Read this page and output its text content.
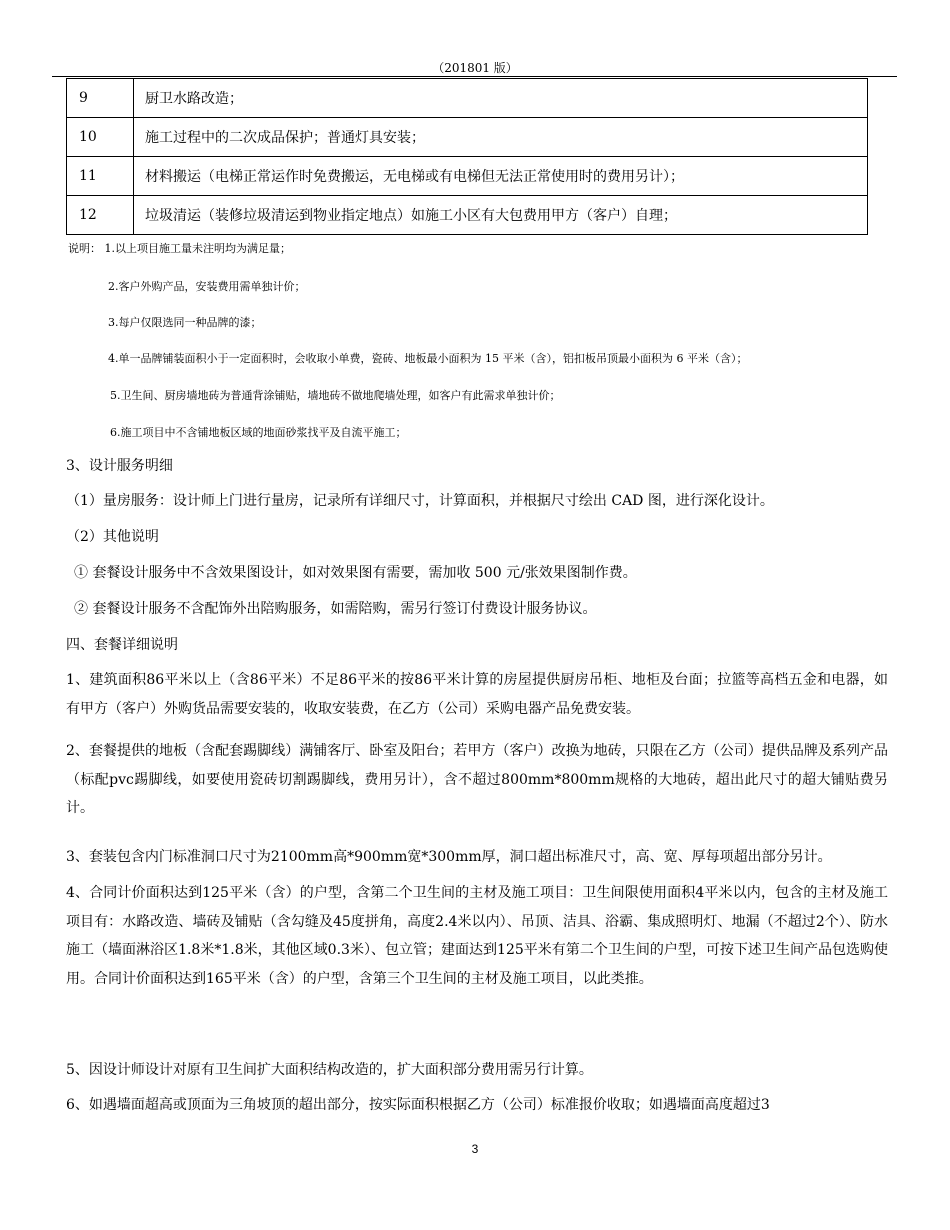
（201801 版）
9	厨卫水路改造；
10	施工过程中的二次成品保护；普通灯具安装；
11	材料搬运（电梯正常运作时免费搬运，无电梯或有电梯但无法正常使用时的费用另计）；
12	垃圾清运（装修垃圾清运到物业指定地点）如施工小区有大包费用甲方（客户）自理；
说明： 1.以上项目施工量未注明均为满足量；
2.客户外购产品，安装费用需单独计价；
3.每户仅限选同一种品牌的漆；
4.单一品牌铺装面积小于一定面积时，会收取小单费，瓷砖、地板最小面积为 15 平米（含），铝扣板吊顶最小面积为 6 平米（含）；
5.卫生间、厨房墙地砖为普通背涂铺贴，墙地砖不做地爬墙处理，如客户有此需求单独计价；
6.施工项目中不含铺地板区域的地面砂浆找平及自流平施工；
3、设计服务明细
（1）量房服务：设计师上门进行量房，记录所有详细尺寸，计算面积，并根据尺寸绘出 CAD 图，进行深化设计。
（2）其他说明
① 套餐设计服务中不含效果图设计，如对效果图有需要，需加收 500 元/张效果图制作费。
② 套餐设计服务不含配饰外出陪购服务，如需陪购，需另行签订付费设计服务协议。
四、套餐详细说明
1、建筑面积86平米以上（含86平米）不足86平米的按86平米计算的房屋提供厨房吊柜、地柜及台面；拉篮等高档五金和电器，如有甲方（客户）外购货品需要安装的，收取安装费，在乙方（公司）采购电器产品免费安装。
2、套餐提供的地板（含配套踢脚线）满铺客厅、卧室及阳台；若甲方（客户）改换为地砖，只限在乙方（公司）提供品牌及系列产品（标配pvc踢脚线，如要使用瓷砖切割踢脚线，费用另计），含不超过800mm*800mm规格的大地砖，超出此尺寸的超大铺贴费另计。
3、套装包含内门标准洞口尺寸为2100mm高*900mm宽*300mm厚，洞口超出标准尺寸，高、宽、厚每项超出部分另计。
4、合同计价面积达到125平米（含）的户型，含第二个卫生间的主材及施工项目：卫生间限使用面积4平米以内，包含的主材及施工项目有：水路改造、墙砖及铺贴（含勾缝及45度拼角，高度2.4米以内）、吊顶、洁具、浴霸、集成照明灯、地漏（不超过2个）、防水施工（墙面淋浴区1.8米*1.8米，其他区域0.3米）、包立管；建面达到125平米有第二个卫生间的户型，可按下述卫生间产品包选购使用。合同计价面积达到165平米（含）的户型，含第三个卫生间的主材及施工项目，以此类推。
5、因设计师设计对原有卫生间扩大面积结构改造的，扩大面积部分费用需另行计算。
6、如遇墙面超高或顶面为三角坡顶的超出部分，按实际面积根据乙方（公司）标准报价收取；如遇墙面高度超过3
3
